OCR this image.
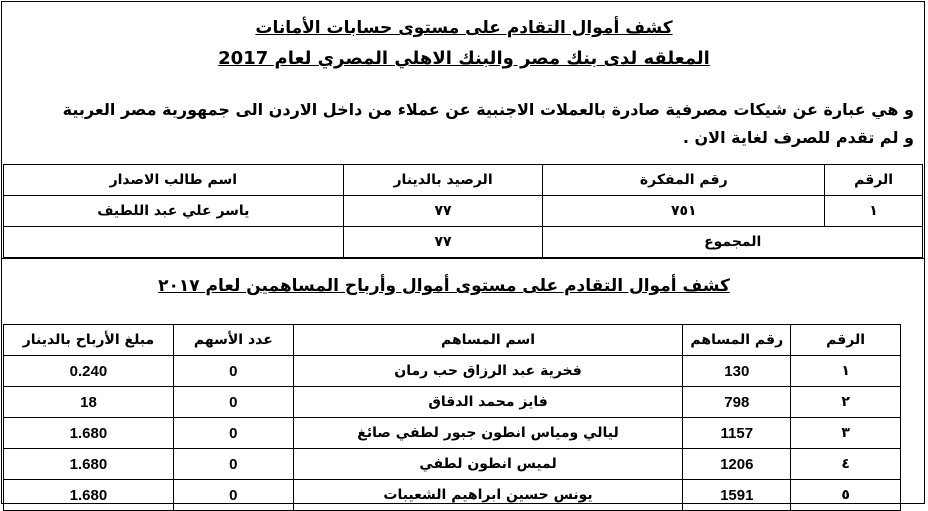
كشف أموال التقادم على مستوى حسابات الأمانات
المعلقه لدى بنك مصر والبنك الاهلي المصري لعام 2017
و هي عبارة عن شيكات مصرفية صادرة بالعملات الاجنبية عن عملاء من داخل الاردن الى جمهورية مصر العربية
و لم تقدم للصرف لغاية الان .
الرقم	رقم المفكرة	الرصيد بالدينار	اسم طالب الاصدار
١	٧٥١	٧٧	ياسر علي عبد اللطيف
المجموع		٧٧	
كشف أموال التقادم على مستوى أموال وأرباح المساهمين لعام ٢٠١٧
الرقم	رقم المساهم	اسم المساهم	عدد الأسهم	مبلغ الأرباح بالدينار
١	130	فخرية عبد الرزاق حب رمان	0	0.240
٢	798	فايز محمد الدقاق	0	18
٣	1157	ليالي ومياس انطون جبور لطفي صائغ	0	1.680
٤	1206	لميس انطون لطفي	0	1.680
٥	1591	يونس حسين ابراهيم الشعيبات	0	1.680
